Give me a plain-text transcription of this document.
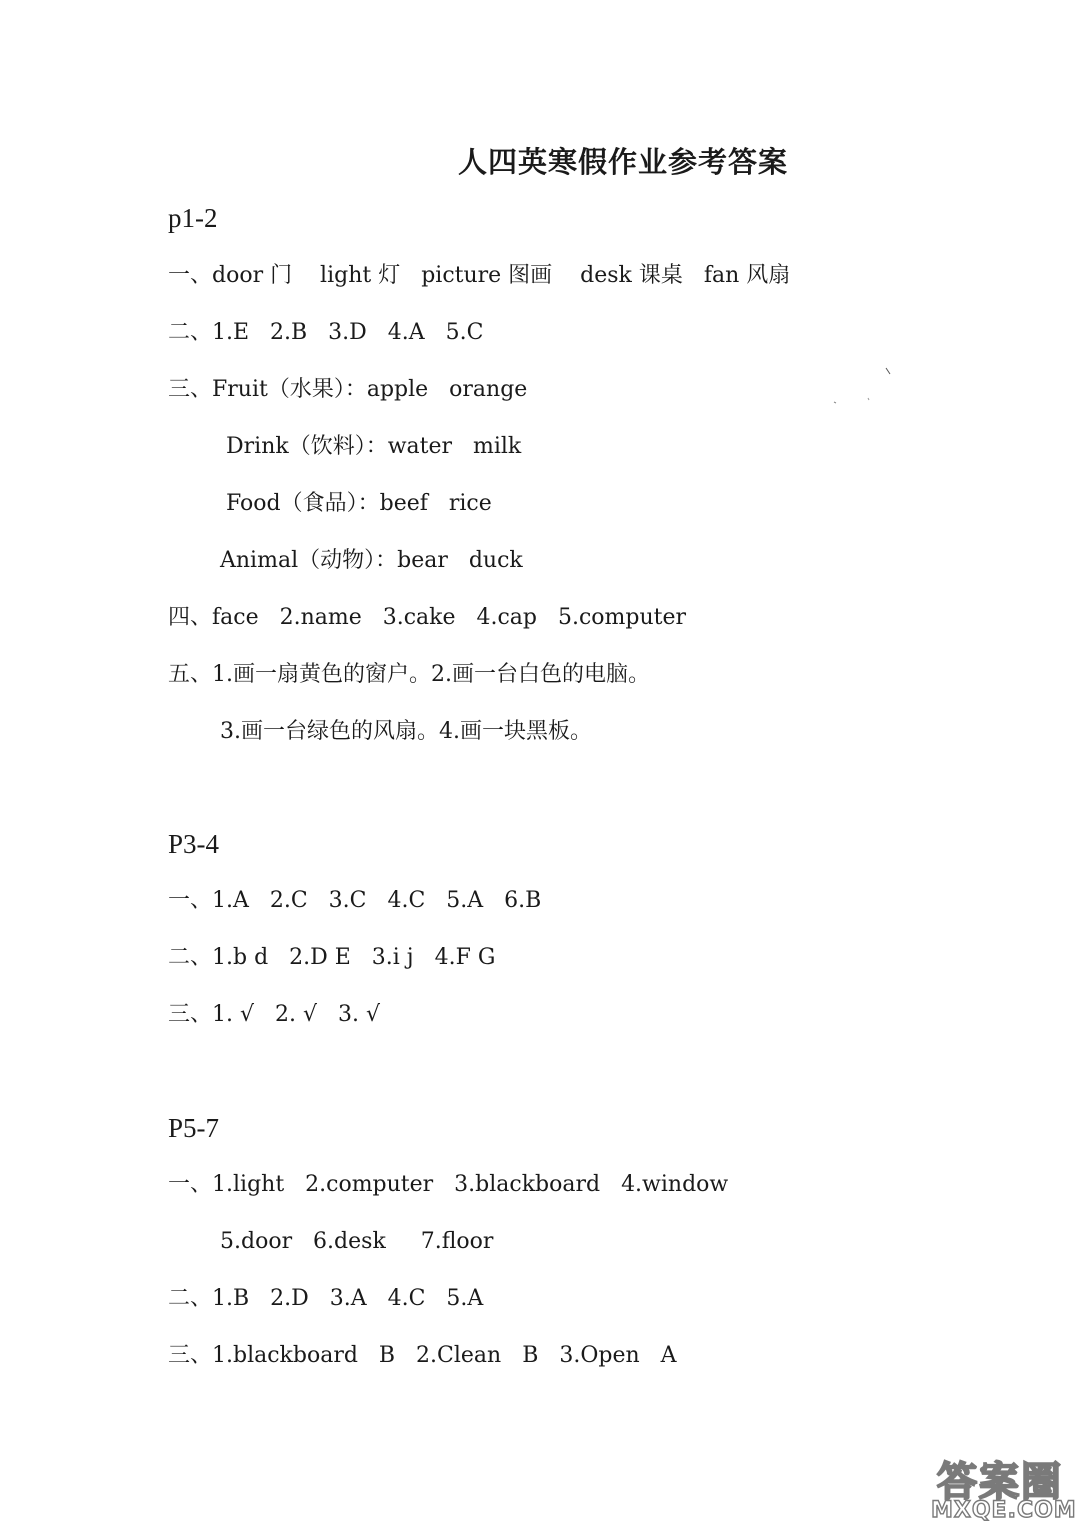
人四英寒假作业参考答案
p1-2
一、door 门    light 灯   picture 图画    desk 课桌   fan 风扇
二、1.E   2.B   3.D   4.A   5.C
三、Fruit（水果）：apple   orange
Drink（饮料）：water   milk
Food（食品）：beef   rice
Animal（动物）：bear   duck
四、face   2.name   3.cake   4.cap   5.computer
五、1.画一扇黄色的窗户。2.画一台白色的电脑。
3.画一台绿色的风扇。4.画一块黑板。
P3-4
一、1.A   2.C   3.C   4.C   5.A   6.B
二、1.b d   2.D E   3.i j   4.F G
三、1. √   2. √   3. √
P5-7
一、1.light   2.computer   3.blackboard   4.window
5.door   6.desk     7.floor
二、1.B   2.D   3.A   4.C   5.A
三、1.blackboard   B   2.Clean   B   3.Open   A
答案圈
MXQE.COM
